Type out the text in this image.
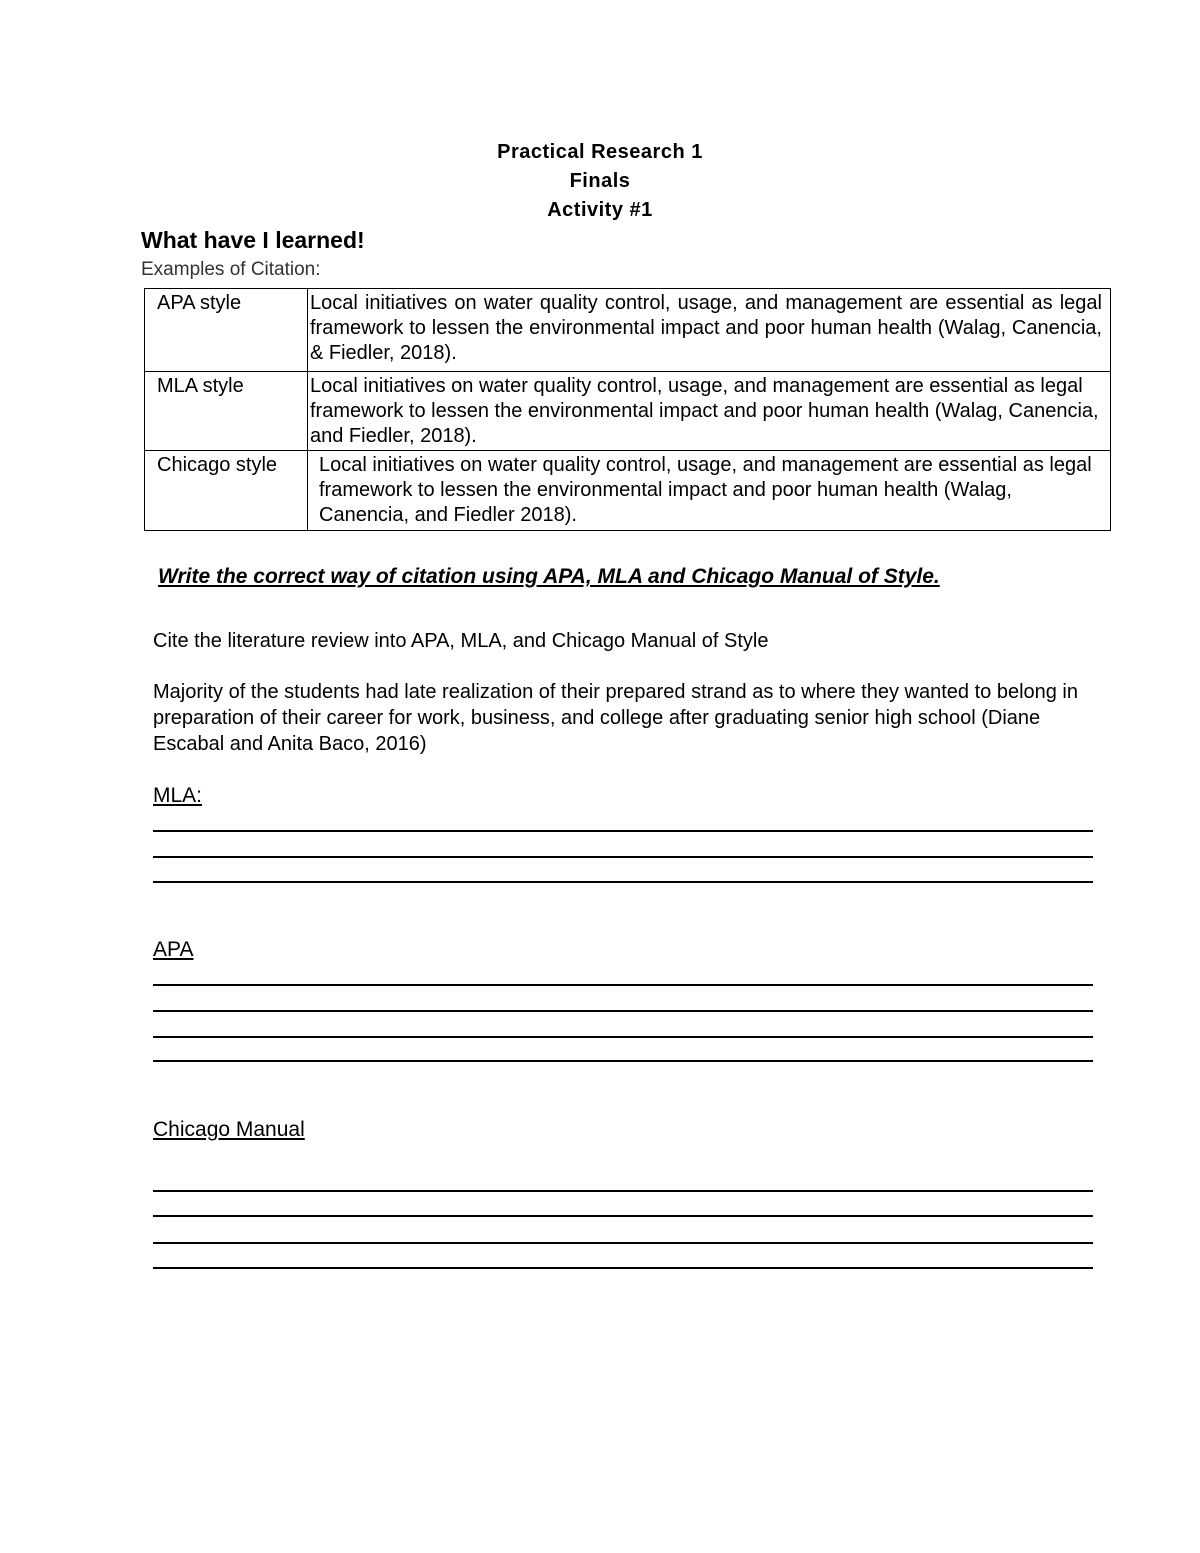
Practical Research 1
Finals
Activity #1
What have I learned!
Examples of Citation:
APA style	Local initiatives on water quality control, usage, and management are essential as legal framework to lessen the environmental impact and poor human health (Walag, Canencia, & Fiedler, 2018).
MLA style	Local initiatives on water quality control, usage, and management are essential as legal framework to lessen the environmental impact and poor human health (Walag, Canencia, and Fiedler, 2018).
Chicago style	Local initiatives on water quality control, usage, and management are essential as legal framework to lessen the environmental impact and poor human health (Walag, Canencia, and Fiedler 2018).
Write the correct way of citation using APA, MLA and Chicago Manual of Style.
Cite the literature review into APA, MLA, and Chicago Manual of Style
Majority of the students had late realization of their prepared strand as to where they wanted to belong in preparation of their career for work, business, and college after graduating senior high school (Diane Escabal and Anita Baco, 2016)
MLA:
APA
Chicago Manual
